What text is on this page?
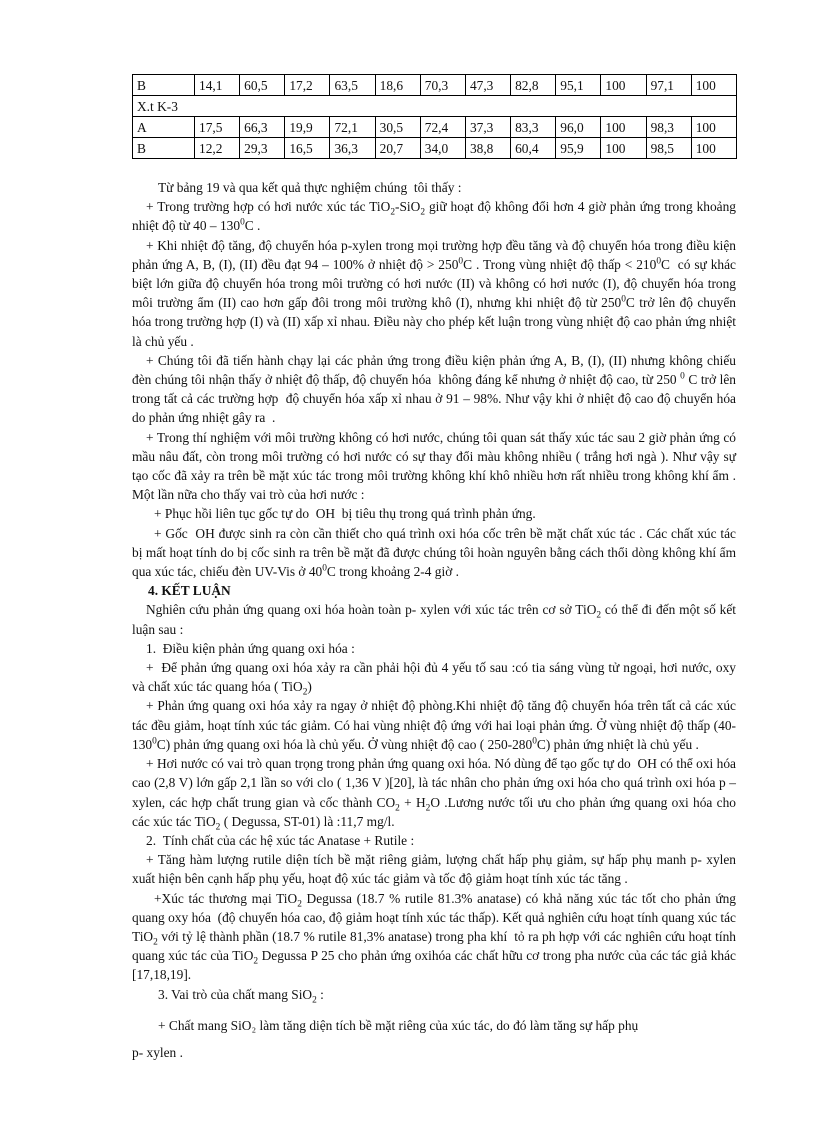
B	14,1	60,5	17,2	63,5	18,6	70,3	47,3	82,8	95,1	100	97,1	100
X.t K-3												
A	17,5	66,3	19,9	72,1	30,5	72,4	37,3	83,3	96,0	100	98,3	100
B	12,2	29,3	16,5	36,3	20,7	34,0	38,8	60,4	95,9	100	98,5	100

Từ bảng 19 và qua kết quả thực nghiệm chúng  tôi thấy :

+ Trong trường hợp có hơi nước xúc tác TiO$_2$-SiO$_2$ giữ hoạt độ không đổi hơn 4 giờ phản ứng trong khoảng nhiệt độ từ $40 - 130^0C$ .

+ Khi nhiệt độ tăng, độ chuyển hóa p-xylen trong mọi trường hợp đều tăng và độ chuyển hóa trong điều kiện phản ứng A, B, (I), (II) đều đạt 94 – 100% ở nhiệt độ > $250^0C$ . Trong vùng nhiệt độ thấp < $210^0C$  có sự khác biệt lớn giữa độ chuyển hóa trong môi trường có hơi nước (II) và không có hơi nước (I), độ chuyển hóa trong môi trường ẩm (II) cao hơn gấp đôi trong môi trường khô (I), nhưng khi nhiệt độ từ $250^0C$ trở lên độ chuyển hóa trong trường hợp (I) và (II) xấp xỉ nhau. Điều này cho phép kết luận trong vùng nhiệt độ cao phản ứng nhiệt là chủ yếu .

+ Chúng tôi đã tiến hành chạy lại các phản ứng trong điều kiện phản ứng A, B, (I), (II) nhưng không chiếu đèn chúng tôi nhận thấy ở nhiệt độ thấp, độ chuyển hóa  không đáng kể nhưng ở nhiệt độ cao, từ 250 $^0$ C trở lên trong tất cả các trường hợp  độ chuyển hóa xấp xỉ nhau ở 91 – 98%. Như vậy khi ở nhiệt độ cao độ chuyển hóa do phản ứng nhiệt gây ra  .

+ Trong thí nghiệm với môi trường không có hơi nước, chúng tôi quan sát thấy xúc tác sau 2 giờ phản ứng có mầu nâu đất, còn trong môi trường có hơi nước có sự thay đổi màu không nhiều ( trắng hơi ngà ). Như vậy sự tạo cốc đã xảy ra trên bề mặt xúc tác trong môi trường không khí khô nhiều hơn rất nhiều trong không khí ẩm . Một lần nữa cho thấy vai trò của hơi nước :

+ Phục hồi liên tục gốc tự do  OH  bị tiêu thụ trong quá trình phản ứng.

+ Gốc  OH được sinh ra còn cần thiết cho quá trình oxi hóa cốc trên bề mặt chất xúc tác . Các chất xúc tác bị mất hoạt tính do bị cốc sinh ra trên bề mặt đã được chúng tôi hoàn nguyên bằng cách thổi dòng không khí ẩm qua xúc tác, chiếu đèn UV-Vis ở $40^0C$ trong khoảng 2-4 giờ .

4. KẾT LUẬN

Nghiên cứu phản ứng quang oxi hóa hoàn toàn p- xylen với xúc tác trên cơ sở TiO$_2$ có thể đi đến một số kết luận sau :

1.  Điều kiện phản ứng quang oxi hóa :

+  Để phản ứng quang oxi hóa xảy ra cần phải hội đủ 4 yếu tố sau :có tia sáng vùng tử ngoại, hơi nước, oxy và chất xúc tác quang hóa ( TiO$_2$)

+ Phản ứng quang oxi hóa xảy ra ngay ở nhiệt độ phòng.Khi nhiệt độ tăng độ chuyển hóa trên tất cả các xúc tác đều giảm, hoạt tính xúc tác giảm. Có hai vùng nhiệt độ ứng với hai loại phản ứng. Ở vùng nhiệt độ thấp $(40-130^0C)$ phản ứng quang oxi hóa là chủ yếu. Ở vùng nhiệt độ cao ( $250-280^0C$) phản ứng nhiệt là chủ yếu .

+ Hơi nước có vai trò quan trọng trong phản ứng quang oxi hóa. Nó dùng để tạo gốc tự do  OH có thể oxi hóa cao (2,8 V) lớn gấp 2,1 lần so với clo ( 1,36 V )[20], là tác nhân cho phản ứng oxi hóa cho quá trình oxi hóa p – xylen, các hợp chất trung gian và cốc thành $CO_2 + H_2O$ .Lương nước tối ưu cho phản ứng quang oxi hóa cho các xúc tác TiO$_2$ ( Degussa, ST-01) là :11,7 mg/l.

2.  Tính chất của các hệ xúc tác Anatase + Rutile :

+ Tăng hàm lượng rutile diện tích bề mặt riêng giảm, lượng chất hấp phụ giảm, sự hấp phụ manh p- xylen xuất hiện bên cạnh hấp phụ yếu, hoạt độ xúc tác giảm và tốc độ giảm hoạt tính xúc tác tăng .

+Xúc tác thương mại TiO$_2$ Degussa (18.7 % rutile 81.3% anatase) có khả năng xúc tác tốt cho phản ứng quang oxy hóa  (độ chuyển hóa cao, độ giảm hoạt tính xúc tác thấp). Kết quả nghiên cứu hoạt tính quang xúc tác TiO$_2$ với tỷ lệ thành phần (18.7 % rutile 81,3% anatase) trong pha khí  tỏ ra ph hợp với các nghiên cứu hoạt tính quang xúc tác của TiO$_2$ Degussa P 25 cho phản ứng oxihóa các chất hữu cơ trong pha nước của các tác giả khác [17,18,19].

3. Vai trò của chất mang SiO$_2$ :

+ Chất mang SiO₂ làm tăng diện tích bề mặt riêng của xúc tác, do đó làm tăng sự hấp phụ

p- xylen .
